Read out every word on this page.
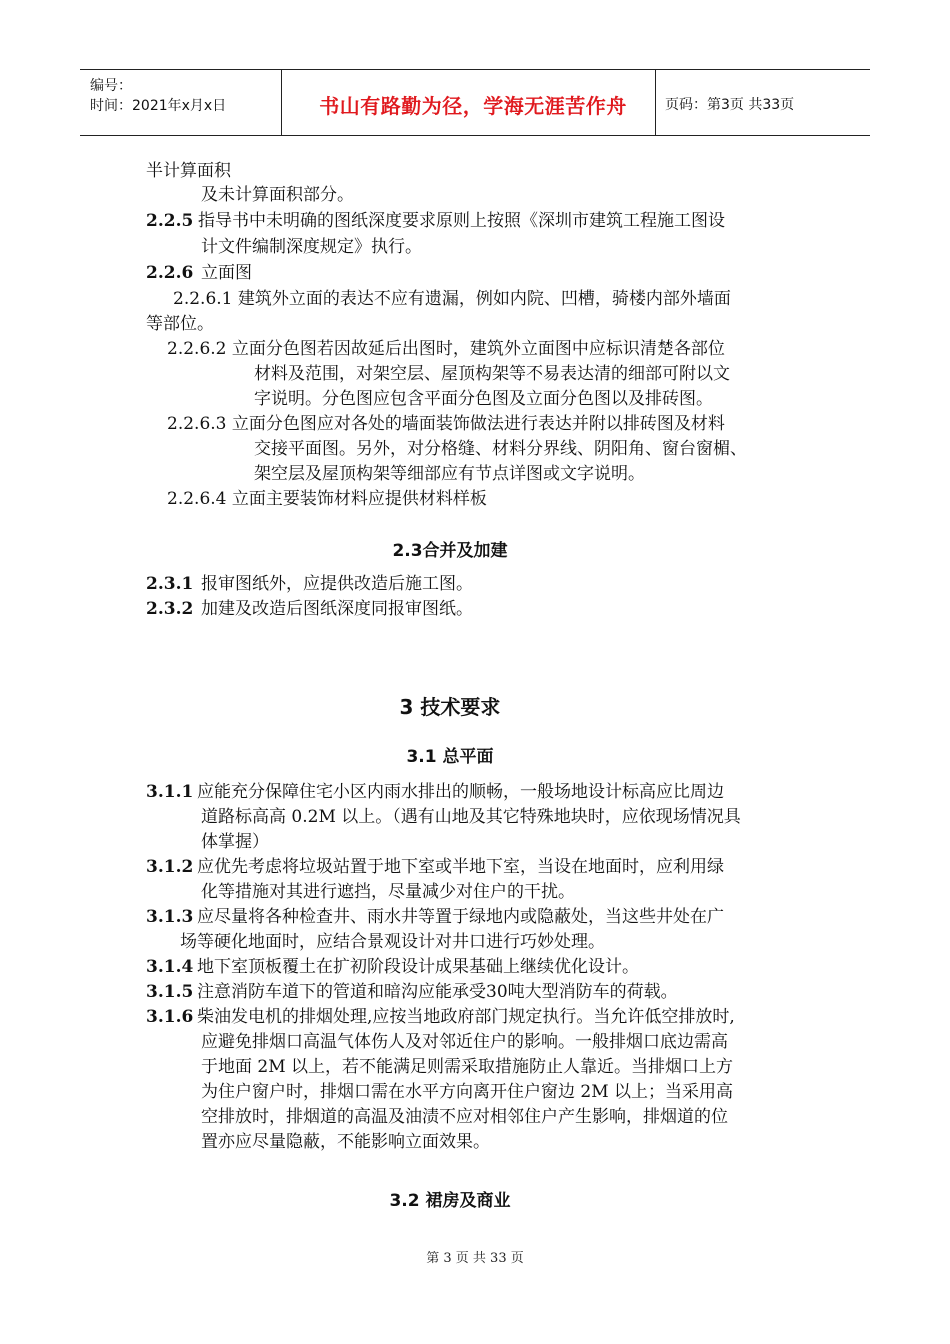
编号：
时间：2021年x月x日	书山有路勤为径，学海无涯苦作舟	页码：第3页 共33页
半计算面积
及未计算面积部分。
2.2.5 指导书中未明确的图纸深度要求原则上按照《深圳市建筑工程施工图设
计文件编制深度规定》执行。
2.2.6 立面图
2.2.6.1 建筑外立面的表达不应有遗漏，例如内院、凹槽，骑楼内部外墙面
等部位。
2.2.6.2 立面分色图若因故延后出图时，建筑外立面图中应标识清楚各部位
材料及范围，对架空层、屋顶构架等不易表达清的细部可附以文
字说明。分色图应包含平面分色图及立面分色图以及排砖图。
2.2.6.3 立面分色图应对各处的墙面装饰做法进行表达并附以排砖图及材料
交接平面图。另外，对分格缝、材料分界线、阴阳角、窗台窗楣、
架空层及屋顶构架等细部应有节点详图或文字说明。
2.2.6.4 立面主要装饰材料应提供材料样板
2.3合并及加建
2.3.1 报审图纸外，应提供改造后施工图。
2.3.2 加建及改造后图纸深度同报审图纸。
3 技术要求
3.1 总平面
3.1.1 应能充分保障住宅小区内雨水排出的顺畅，一般场地设计标高应比周边
道路标高高 0.2M 以上。（遇有山地及其它特殊地块时，应依现场情况具
体掌握）
3.1.2 应优先考虑将垃圾站置于地下室或半地下室，当设在地面时，应利用绿
化等措施对其进行遮挡，尽量减少对住户的干扰。
3.1.3 应尽量将各种检查井、雨水井等置于绿地内或隐蔽处，当这些井处在广
场等硬化地面时，应结合景观设计对井口进行巧妙处理。
3.1.4 地下室顶板覆土在扩初阶段设计成果基础上继续优化设计。
3.1.5 注意消防车道下的管道和暗沟应能承受30吨大型消防车的荷载。
3.1.6 柴油发电机的排烟处理,应按当地政府部门规定执行。当允许低空排放时,
应避免排烟口高温气体伤人及对邻近住户的影响。一般排烟口底边需高
于地面 2M 以上，若不能满足则需采取措施防止人靠近。当排烟口上方
为住户窗户时，排烟口需在水平方向离开住户窗边 2M 以上；当采用高
空排放时，排烟道的高温及油渍不应对相邻住户产生影响，排烟道的位
置亦应尽量隐蔽，不能影响立面效果。
3.2 裙房及商业
第 3 页 共 33 页
